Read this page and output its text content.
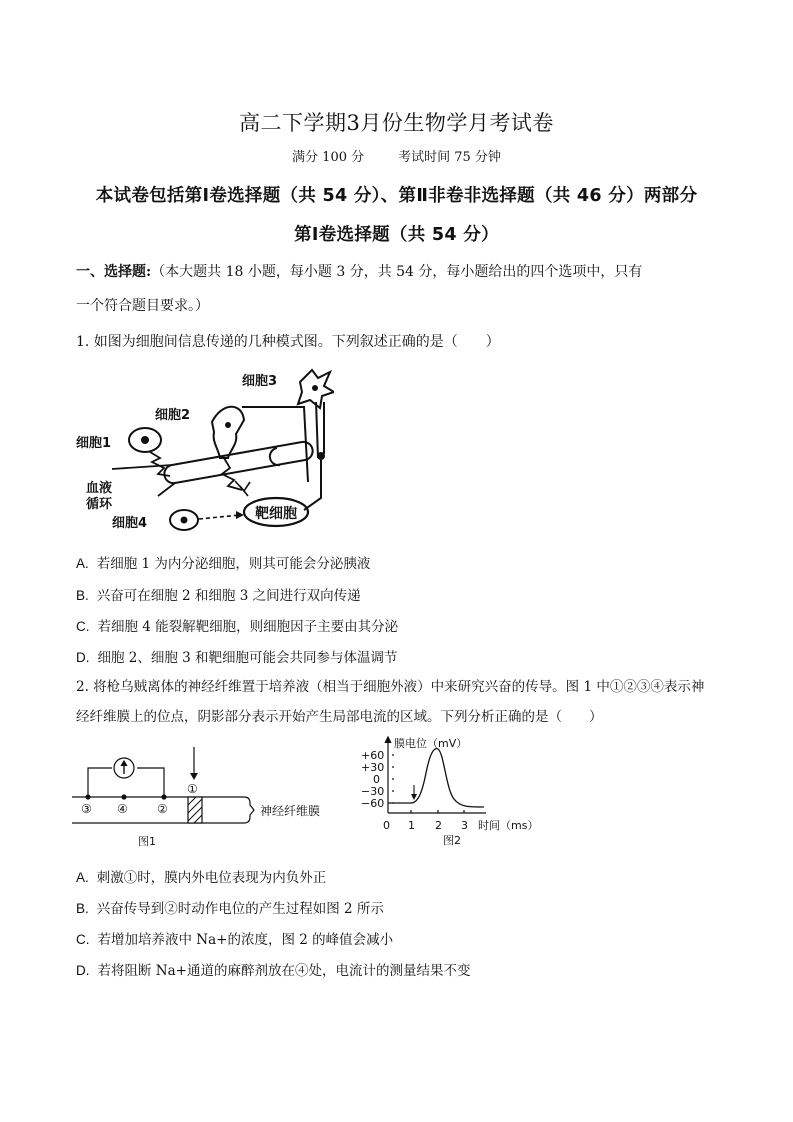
高二下学期3月份生物学月考试卷
满分 100 分	考试时间 75 分钟
本试卷包括第Ⅰ卷选择题（共 54 分）、第Ⅱ非卷非选择题（共 46 分）两部分
第Ⅰ卷选择题（共 54 分）
一、选择题:（本大题共 18 小题，每小题 3 分，共 54 分，每小题给出的四个选项中，只有
一个符合题目要求。）
1. 如图为细胞间信息传递的几种模式图。下列叙述正确的是（　　）
靶细胞
细胞1
细胞2
细胞3
细胞4
血液
循环
A. 若细胞 1 为内分泌细胞，则其可能会分泌胰液
B. 兴奋可在细胞 2 和细胞 3 之间进行双向传递
C. 若细胞 4 能裂解靶细胞，则细胞因子主要由其分泌
D. 细胞 2、细胞 3 和靶细胞可能会共同参与体温调节
2. 将枪乌贼离体的神经纤维置于培养液（相当于细胞外液）中来研究兴奋的传导。图 1 中①②③④表示神
经纤维膜上的位点，阴影部分表示开始产生局部电流的区域。下列分析正确的是（　　）
③ ④ ②
①
神经纤维膜
图1
+60
+30
0
−30
−60
0 1 2 3
膜电位（mV）
时间（ms）
图2
A. 刺激①时，膜内外电位表现为内负外正
B. 兴奋传导到②时动作电位的产生过程如图 2 所示
C. 若增加培养液中 Na+的浓度，图 2 的峰值会减小
D. 若将阻断 Na+通道的麻醉剂放在④处，电流计的测量结果不变
